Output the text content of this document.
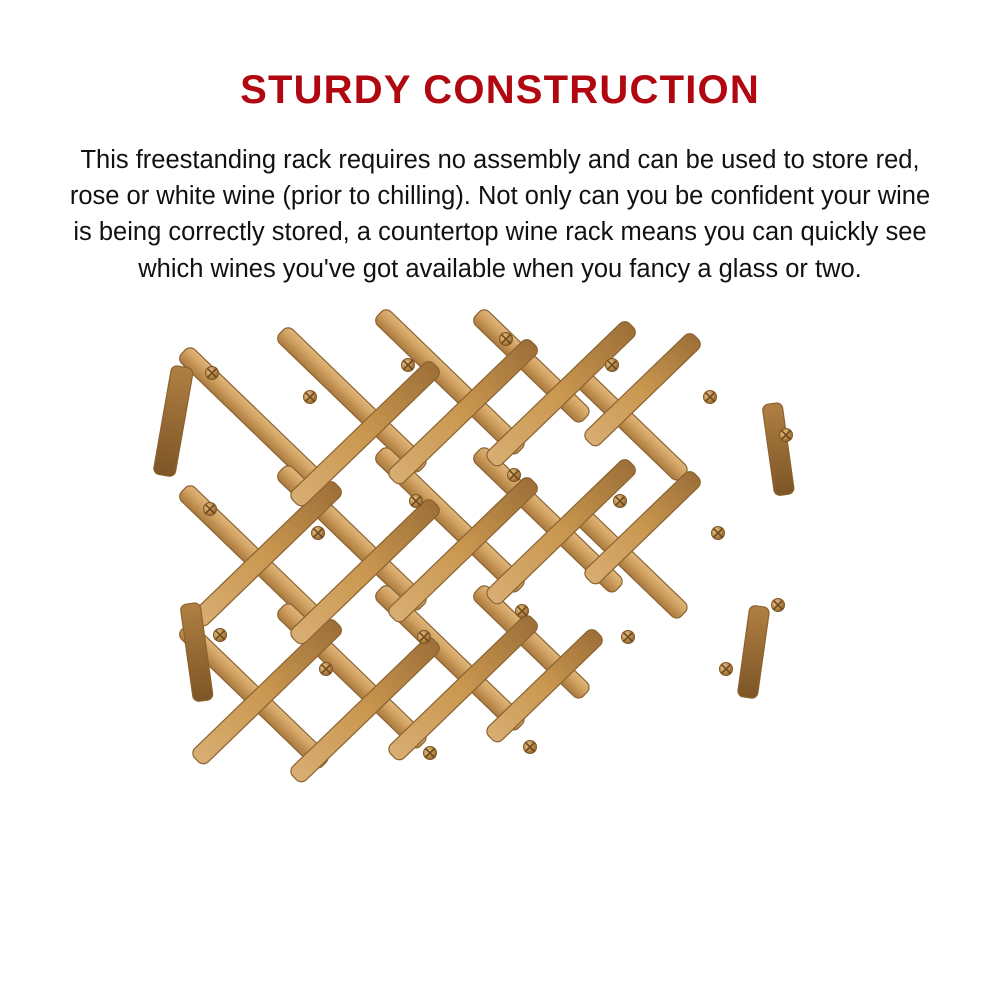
STURDY CONSTRUCTION

This freestanding rack requires no assembly and can be used to store red, rose or white wine (prior to chilling). Not only can you be confident your wine is being correctly stored, a countertop wine rack means you can quickly see which wines you've got available when you fancy a glass or two.
